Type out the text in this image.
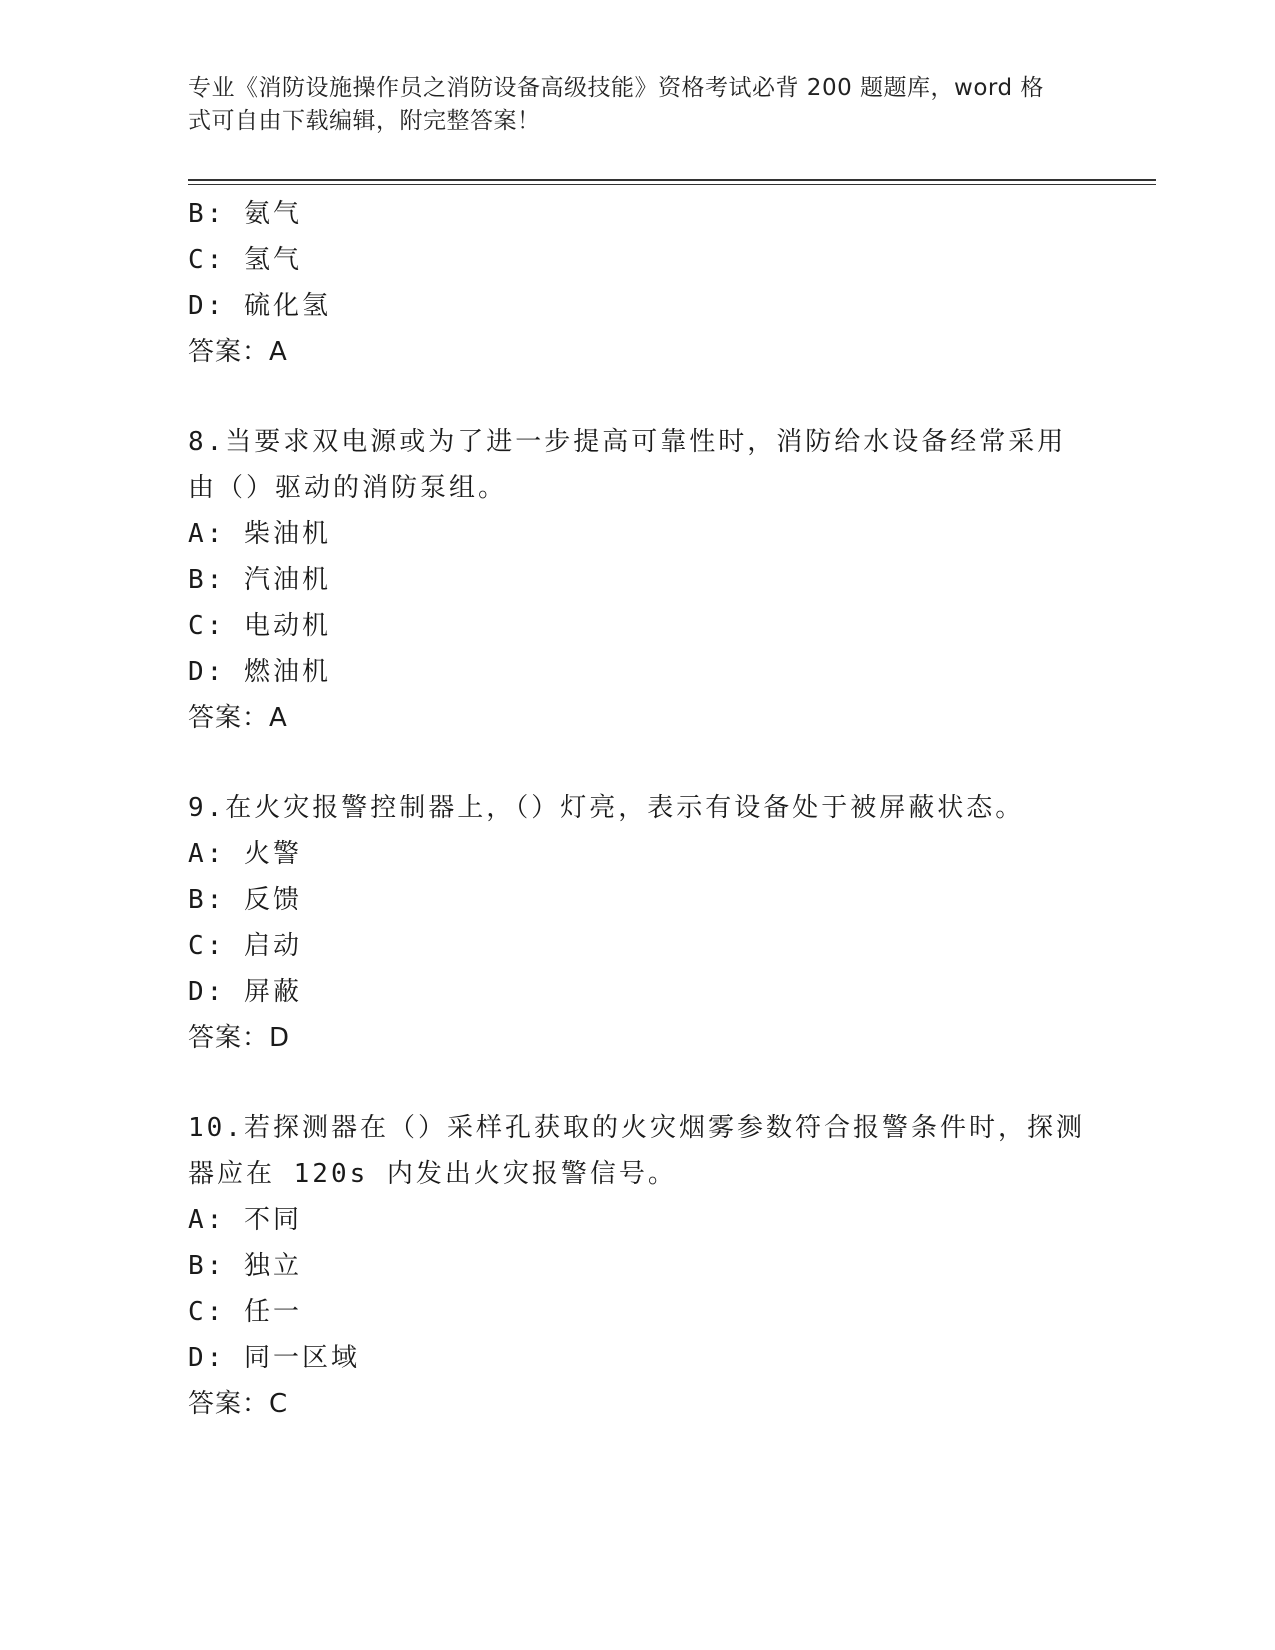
专业《消防设施操作员之消防设备高级技能》资格考试必背 200 题题库，word 格
式可自由下载编辑，附完整答案！
B: 氨气
C: 氢气
D: 硫化氢
答案：A
8.当要求双电源或为了进一步提高可靠性时，消防给水设备经常采用
由（）驱动的消防泵组。
A: 柴油机
B: 汽油机
C: 电动机
D: 燃油机
答案：A
9.在火灾报警控制器上，（）灯亮，表示有设备处于被屏蔽状态。
A: 火警
B: 反馈
C: 启动
D: 屏蔽
答案：D
10.若探测器在（）采样孔获取的火灾烟雾参数符合报警条件时，探测
器应在 120s 内发出火灾报警信号。
A: 不同
B: 独立
C: 任一
D: 同一区域
答案：C
